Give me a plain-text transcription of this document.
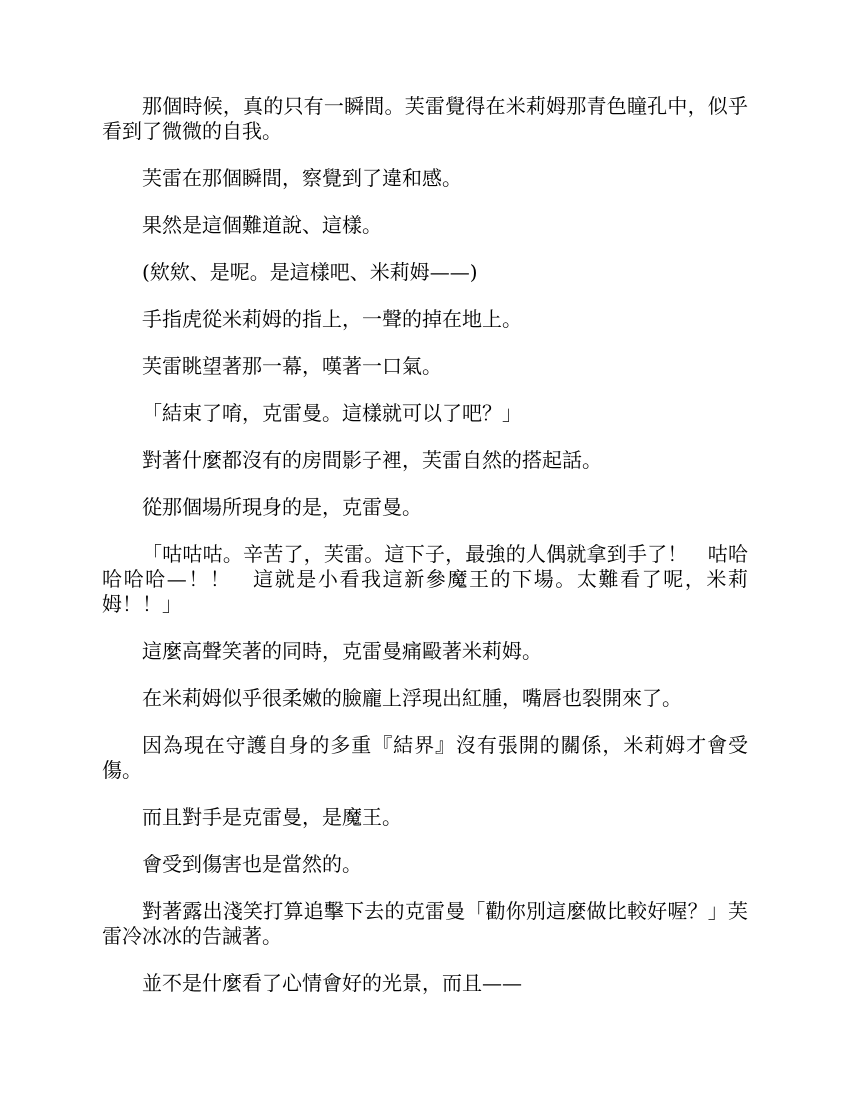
那個時候，真的只有一瞬間。芙雷覺得在米莉姆那青色瞳孔中，似乎看到了微微的自我。

芙雷在那個瞬間，察覺到了違和感。

果然是這個難道說、這樣。

(欸欸、是呢。是這樣吧、米莉姆——)

手指虎從米莉姆的指上，一聲的掉在地上。

芙雷眺望著那一幕，嘆著一口氣。

「結束了唷，克雷曼。這樣就可以了吧？」

對著什麼都沒有的房間影子裡，芙雷自然的搭起話。

從那個場所現身的是，克雷曼。

「咕咕咕。辛苦了，芙雷。這下子，最強的人偶就拿到手了！　咕哈哈哈哈—！！　這就是小看我這新參魔王的下場。太難看了呢，米莉姆！！」

這麼高聲笑著的同時，克雷曼痛毆著米莉姆。

在米莉姆似乎很柔嫩的臉龐上浮現出紅腫，嘴唇也裂開來了。

因為現在守護自身的多重『結界』沒有張開的關係，米莉姆才會受傷。

而且對手是克雷曼，是魔王。

會受到傷害也是當然的。

對著露出淺笑打算追擊下去的克雷曼「勸你別這麼做比較好喔？」芙雷冷冰冰的告誡著。

並不是什麼看了心情會好的光景，而且——
